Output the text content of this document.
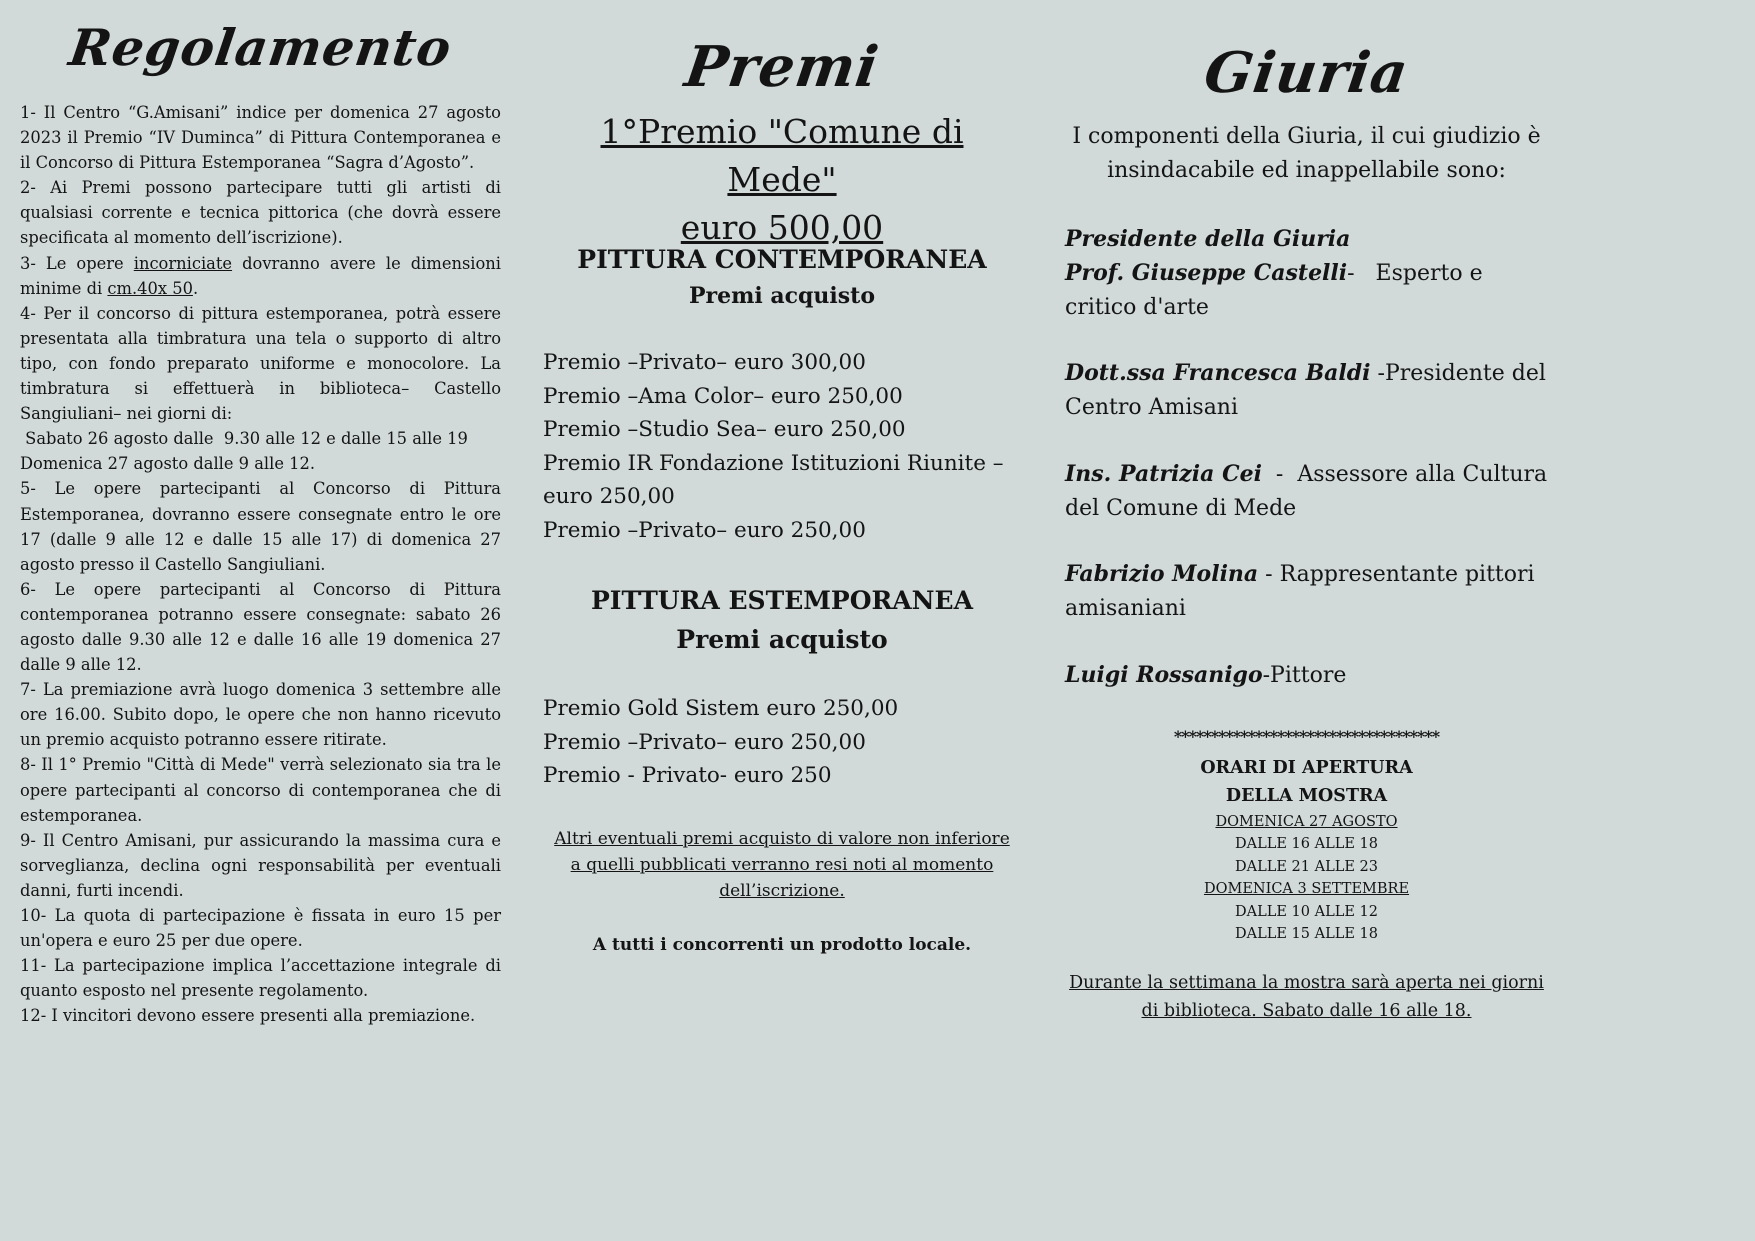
Regolamento

1- Il Centro “G.Amisani” indice per domenica 27 agosto 2023 il Premio “IV Duminca” di Pittura Contemporanea e il Concorso di Pittura Estemporanea “Sagra d’Agosto”.

2- Ai Premi possono partecipare tutti gli artisti di qualsiasi corrente e tecnica pittorica (che dovrà essere specificata al momento dell’iscrizione).

3- Le opere incorniciate dovranno avere le dimensioni minime di cm.40x 50.

4- Per il concorso di pittura estemporanea, potrà essere presentata alla timbratura una tela o supporto di altro tipo, con fondo preparato uniforme e monocolore. La timbratura si effettuerà in biblioteca– Castello Sangiuliani– nei giorni di:

Sabato 26 agosto dalle  9.30 alle 12 e dalle 15 alle 19

Domenica 27 agosto dalle 9 alle 12.

5- Le opere partecipanti al Concorso di Pittura Estemporanea, dovranno essere consegnate entro le ore 17 (dalle 9 alle 12 e dalle 15 alle 17) di domenica 27 agosto presso il Castello Sangiuliani.

6- Le opere partecipanti al Concorso di Pittura contemporanea potranno essere consegnate: sabato 26 agosto dalle 9.30 alle 12 e dalle 16 alle 19 domenica 27 dalle 9 alle 12.

7- La premiazione avrà luogo domenica 3 settembre alle ore 16.00. Subito dopo, le opere che non hanno ricevuto un premio acquisto potranno essere ritirate.

8- Il 1° Premio "Città di Mede" verrà selezionato sia tra le opere partecipanti al concorso di contemporanea che di estemporanea.

9- Il Centro Amisani, pur assicurando la massima cura e sorveglianza, declina ogni responsabilità per eventuali danni, furti incendi.

10- La quota di partecipazione è fissata in euro 15 per un'opera e euro 25 per due opere.

11- La partecipazione implica l’accettazione integrale di quanto esposto nel presente regolamento.

12- I vincitori devono essere presenti alla premiazione.

Premi
1°Premio "Comune di Mede"
euro 500,00
PITTURA CONTEMPORANEA
Premi acquisto
Premio –Privato– euro 300,00
Premio –Ama Color– euro 250,00
Premio –Studio Sea– euro 250,00
Premio IR Fondazione Istituzioni Riunite –euro 250,00
Premio –Privato– euro 250,00
PITTURA ESTEMPORANEA
Premi acquisto
Premio Gold Sistem euro 250,00
Premio –Privato– euro 250,00
Premio - Privato- euro 250
Altri eventuali premi acquisto di valore non inferiore a quelli pubblicati verranno resi noti al momento dell’iscrizione.
A tutti i concorrenti un prodotto locale.
Giuria
I componenti della Giuria, il cui giudizio è insindacabile ed inappellabile sono:
Presidente della Giuria
Prof. Giuseppe Castelli-   Esperto e critico d'arte
Dott.ssa Francesca Baldi -Presidente del Centro Amisani
Ins. Patrizia Cei  -  Assessore alla Cultura del Comune di Mede
Fabrizio Molina - Rappresentante pittori amisaniani
Luigi Rossanigo-Pittore
************************************
ORARI DI APERTURA
DELLA MOSTRA
DOMENICA 27 AGOSTO
DALLE 16 ALLE 18
DALLE 21 ALLE 23
DOMENICA 3 SETTEMBRE
DALLE 10 ALLE 12
DALLE 15 ALLE 18
Durante la settimana la mostra sarà aperta nei giorni di biblioteca. Sabato dalle 16 alle 18.
